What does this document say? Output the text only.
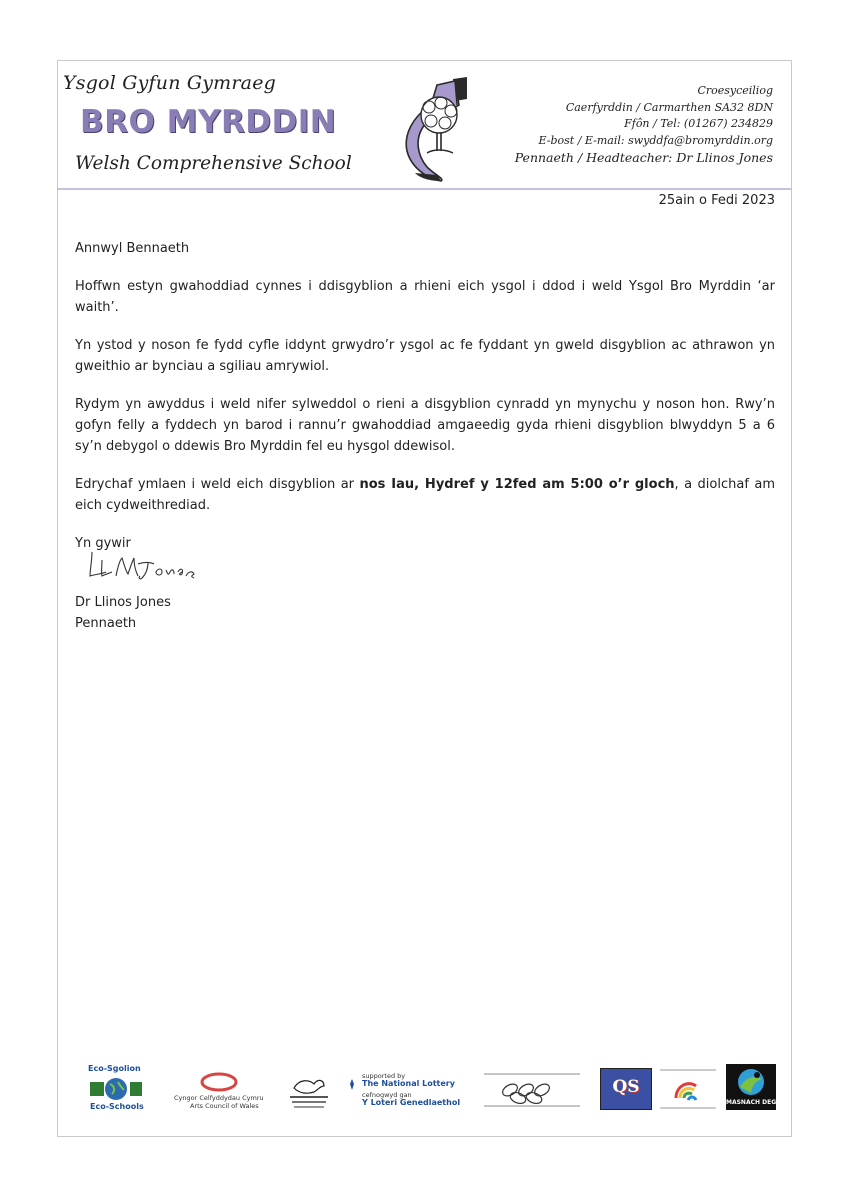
Ysgol Gyfun Gymraeg
BRO MYRDDIN
Welsh Comprehensive School
Croesyceiliog
Caerfyrddin / Carmarthen SA32 8DN
Ffôn / Tel: (01267) 234829
E-bost / E-mail: swyddfa@bromyrddin.org
Pennaeth / Headteacher: Dr Llinos Jones
25ain o Fedi 2023

Annwyl Bennaeth

Hoffwn estyn gwahoddiad cynnes i ddisgyblion a rhieni eich ysgol i ddod i weld Ysgol Bro Myrddin ‘ar waith’.

Yn ystod y noson fe fydd cyfle iddynt grwydro’r ysgol ac fe fyddant yn gweld disgyblion ac athrawon yn gweithio ar bynciau a sgiliau amrywiol.

Rydym yn awyddus i weld nifer sylweddol o rieni a disgyblion cynradd yn mynychu y noson hon. Rwy’n gofyn felly a fyddech yn barod i rannu’r gwahoddiad amgaeedig gyda rhieni disgyblion blwyddyn 5 a 6 sy’n debygol o ddewis Bro Myrddin fel eu hysgol ddewisol.

Edrychaf ymlaen i weld eich disgyblion ar nos Iau, Hydref y 12fed am 5:00 o’r gloch, a diolchaf am eich cydweithrediad.

Yn gywir

Dr Llinos Jones
Pennaeth
Eco-Sgolion
Eco-Schools
Cyngor Celfyddydau Cymru
Arts Council of Wales
supported by
The National Lottery
cefnogwyd gan
Y Loteri Genedlaethol
QS
MASNACH DEG
